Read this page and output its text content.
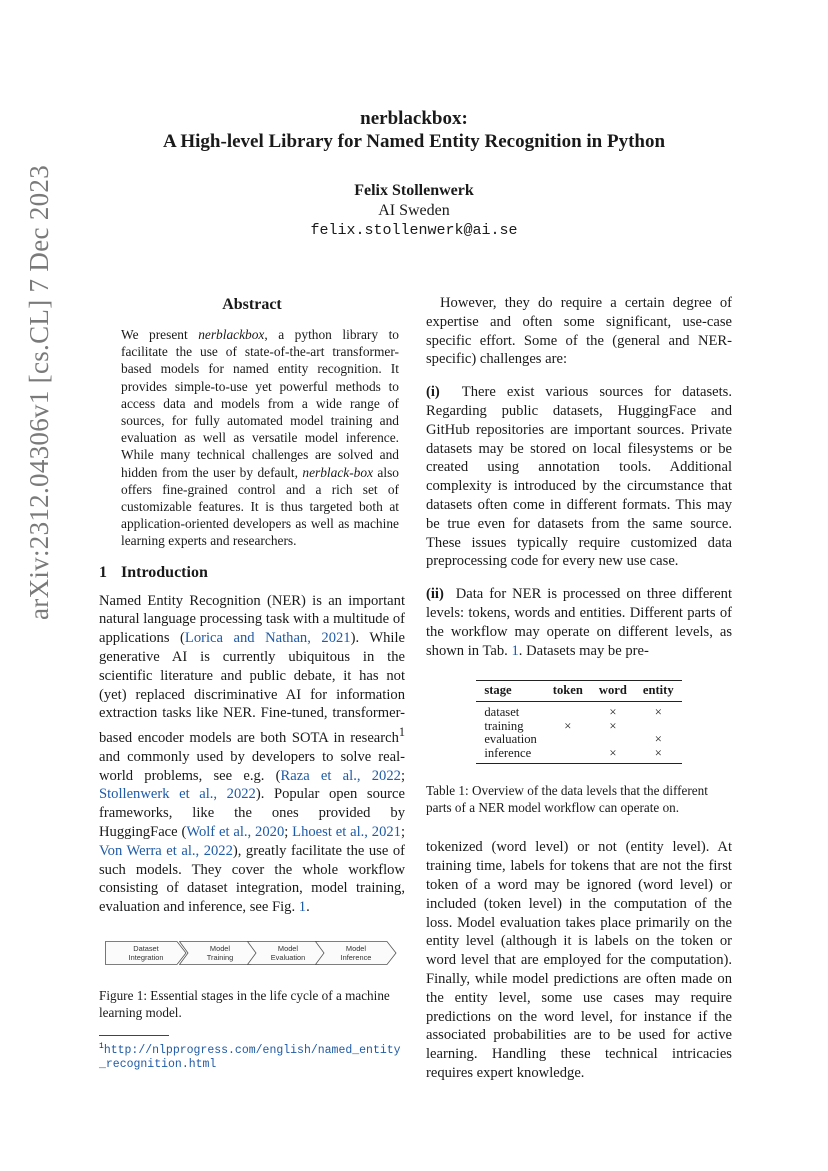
arXiv:2312.04306v1 [cs.CL] 7 Dec 2023
nerblackbox:
A High-level Library for Named Entity Recognition in Python
Felix Stollenwerk
AI Sweden
felix.stollenwerk@ai.se
Abstract
We present nerblackbox, a python library to facilitate the use of state-of-the-art transformer-based models for named entity recognition. It provides simple-to-use yet powerful methods to access data and models from a wide range of sources, for fully automated model training and evaluation as well as versatile model inference. While many technical challenges are solved and hidden from the user by default, nerblack-box also offers fine-grained control and a rich set of customizable features. It is thus targeted both at application-oriented developers as well as machine learning experts and researchers.
1 Introduction

Named Entity Recognition (NER) is an important natural language processing task with a multitude of applications (Lorica and Nathan, 2021). While generative AI is currently ubiquitous in the scientific literature and public debate, it has not (yet) replaced discriminative AI for information extraction tasks like NER. Fine-tuned, transformer-based encoder models are both SOTA in research$^1$ and commonly used by developers to solve real-world problems, see e.g. (Raza et al., 2022; Stollenwerk et al., 2022). Popular open source frameworks, like the ones provided by HuggingFace (Wolf et al., 2020; Lhoest et al., 2021; Von Werra et al., 2022), greatly facilitate the use of such models. They cover the whole workflow consisting of dataset integration, model training, evaluation and inference, see Fig. 1.

Dataset
Integration
Model
Training
Model
Evaluation
Model
Inference
Figure 1: Essential stages in the life cycle of a machine learning model.
$^1$http://nlpprogress.com/english/named_entity_recognition.html

However, they do require a certain degree of expertise and often some significant, use-case specific effort. Some of the (general and NER-specific) challenges are:

(i) There exist various sources for datasets. Regarding public datasets, HuggingFace and GitHub repositories are important sources. Private datasets may be stored on local filesystems or be created using annotation tools. Additional complexity is introduced by the circumstance that datasets often come in different formats. This may be true even for datasets from the same source. These issues typically require customized data preprocessing code for every new use case.

(ii) Data for NER is processed on three different levels: tokens, words and entities. Different parts of the workflow may operate on different levels, as shown in Tab. 1. Datasets may be pre-

stage	token	word	entity
dataset		×	×
training	×	×	
evaluation			×
inference		×	×
Table 1: Overview of the data levels that the different parts of a NER model workflow can operate on.

tokenized (word level) or not (entity level). At training time, labels for tokens that are not the first token of a word may be ignored (word level) or included (token level) in the computation of the loss. Model evaluation takes place primarily on the entity level (although it is labels on the token or word level that are employed for the computation). Finally, while model predictions are often made on the entity level, some use cases may require predictions on the word level, for instance if the associated probabilities are to be used for active learning. Handling these technical intricacies requires expert knowledge.
